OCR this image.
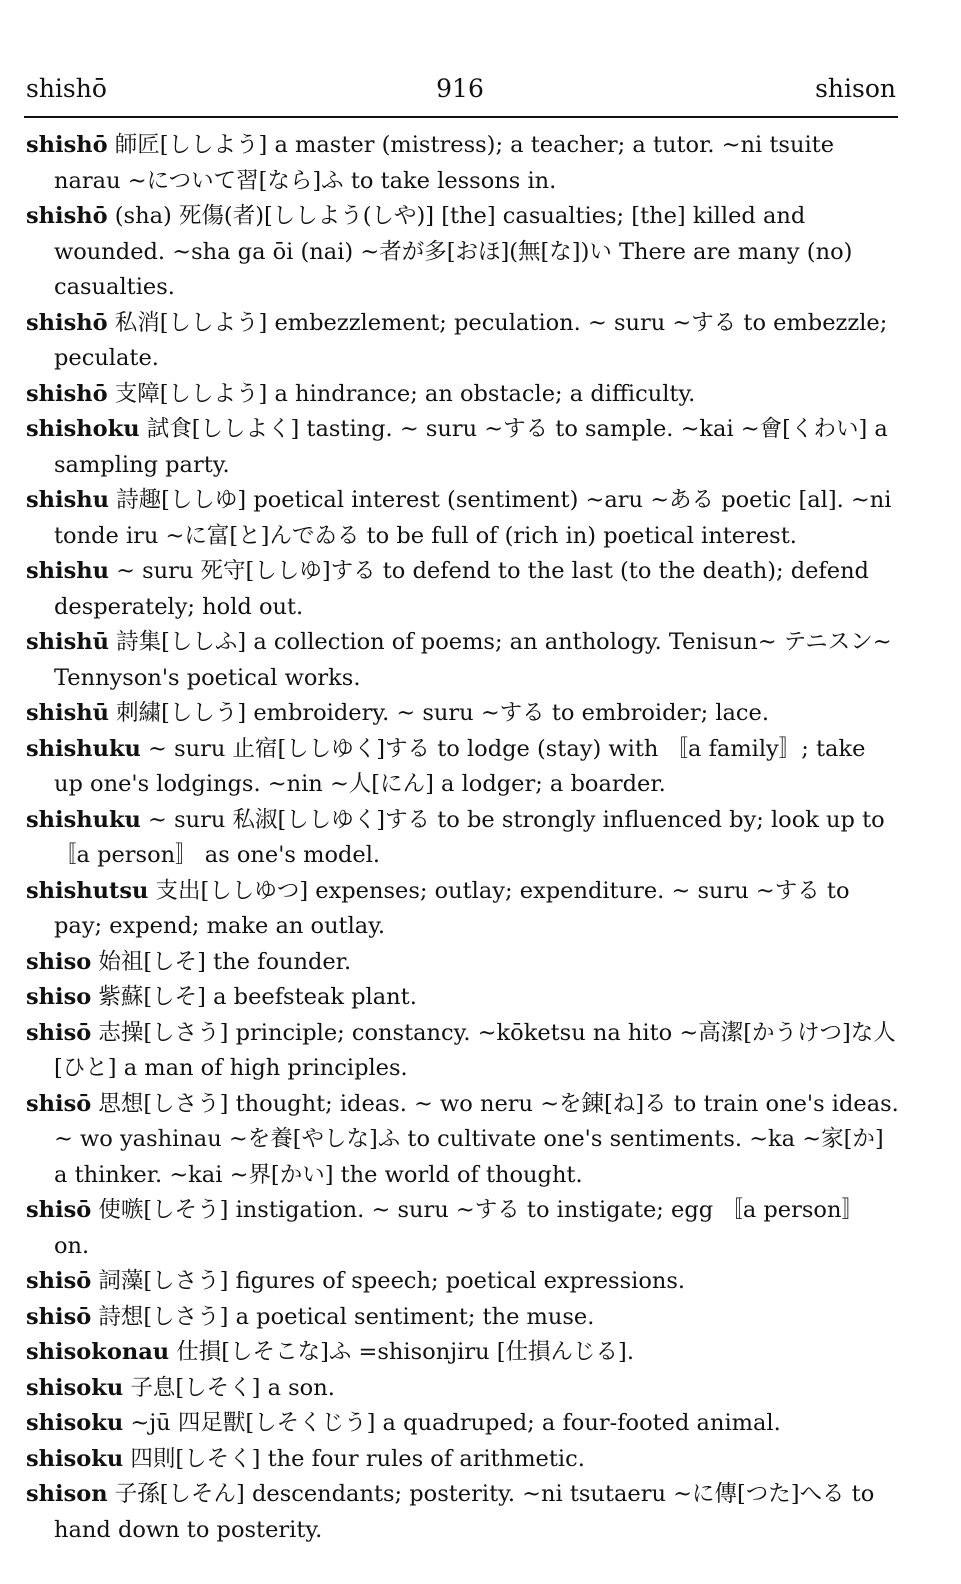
shishō	916	shison
shishō 師匠[ししよう] a master (mistress); a teacher; a tutor. ~ni tsuite narau ~について習[なら]ふ to take lessons in.
shishō (sha) 死傷(者)[ししよう(しや)] [the] casualties; [the] killed and wounded. ~sha ga ōi (nai) ~者が多[おほ](無[な])い There are many (no) casualties.
shishō 私消[ししよう] embezzlement; peculation. ~ suru ~する to embezzle; peculate.
shishō 支障[ししよう] a hindrance; an obstacle; a difficulty.
shishoku 試食[ししよく] tasting. ~ suru ~する to sample. ~kai ~會[くわい] a sampling party.
shishu 詩趣[ししゆ] poetical interest (sentiment) ~aru ~ある poetic [al]. ~ni tonde iru ~に富[と]んでゐる to be full of (rich in) poetical interest.
shishu ~ suru 死守[ししゆ]する to defend to the last (to the death); defend desperately; hold out.
shishū 詩集[ししふ] a collection of poems; an anthology. Tenisun~ テニスン~ Tennyson's poetical works.
shishū 刺繍[ししう] embroidery. ~ suru ~する to embroider; lace.
shishuku ~ suru 止宿[ししゆく]する to lodge (stay) with 〚a family〛; take up one's lodgings. ~nin ~人[にん] a lodger; a boarder.
shishuku ~ suru 私淑[ししゆく]する to be strongly influenced by; look up to 〚a person〛 as one's model.
shishutsu 支出[ししゆつ] expenses; outlay; expenditure. ~ suru ~する to pay; expend; make an outlay.
shiso 始祖[しそ] the founder.
shiso 紫蘇[しそ] a beefsteak plant.
shisō 志操[しさう] principle; constancy. ~kōketsu na hito ~高潔[かうけつ]な人[ひと] a man of high principles.
shisō 思想[しさう] thought; ideas. ~ wo neru ~を錬[ね]る to train one's ideas. ~ wo yashinau ~を養[やしな]ふ to cultivate one's sentiments. ~ka ~家[か] a thinker. ~kai ~界[かい] the world of thought.
shisō 使嗾[しそう] instigation. ~ suru ~する to instigate; egg 〚a person〛 on.
shisō 詞藻[しさう] figures of speech; poetical expressions.
shisō 詩想[しさう] a poetical sentiment; the muse.
shisokonau 仕損[しそこな]ふ =shisonjiru [仕損んじる].
shisoku 子息[しそく] a son.
shisoku ~jū 四足獸[しそくじう] a quadruped; a four-footed animal.
shisoku 四則[しそく] the four rules of arithmetic.
shison 子孫[しそん] descendants; posterity. ~ni tsutaeru ~に傳[つた]へる to hand down to posterity.
